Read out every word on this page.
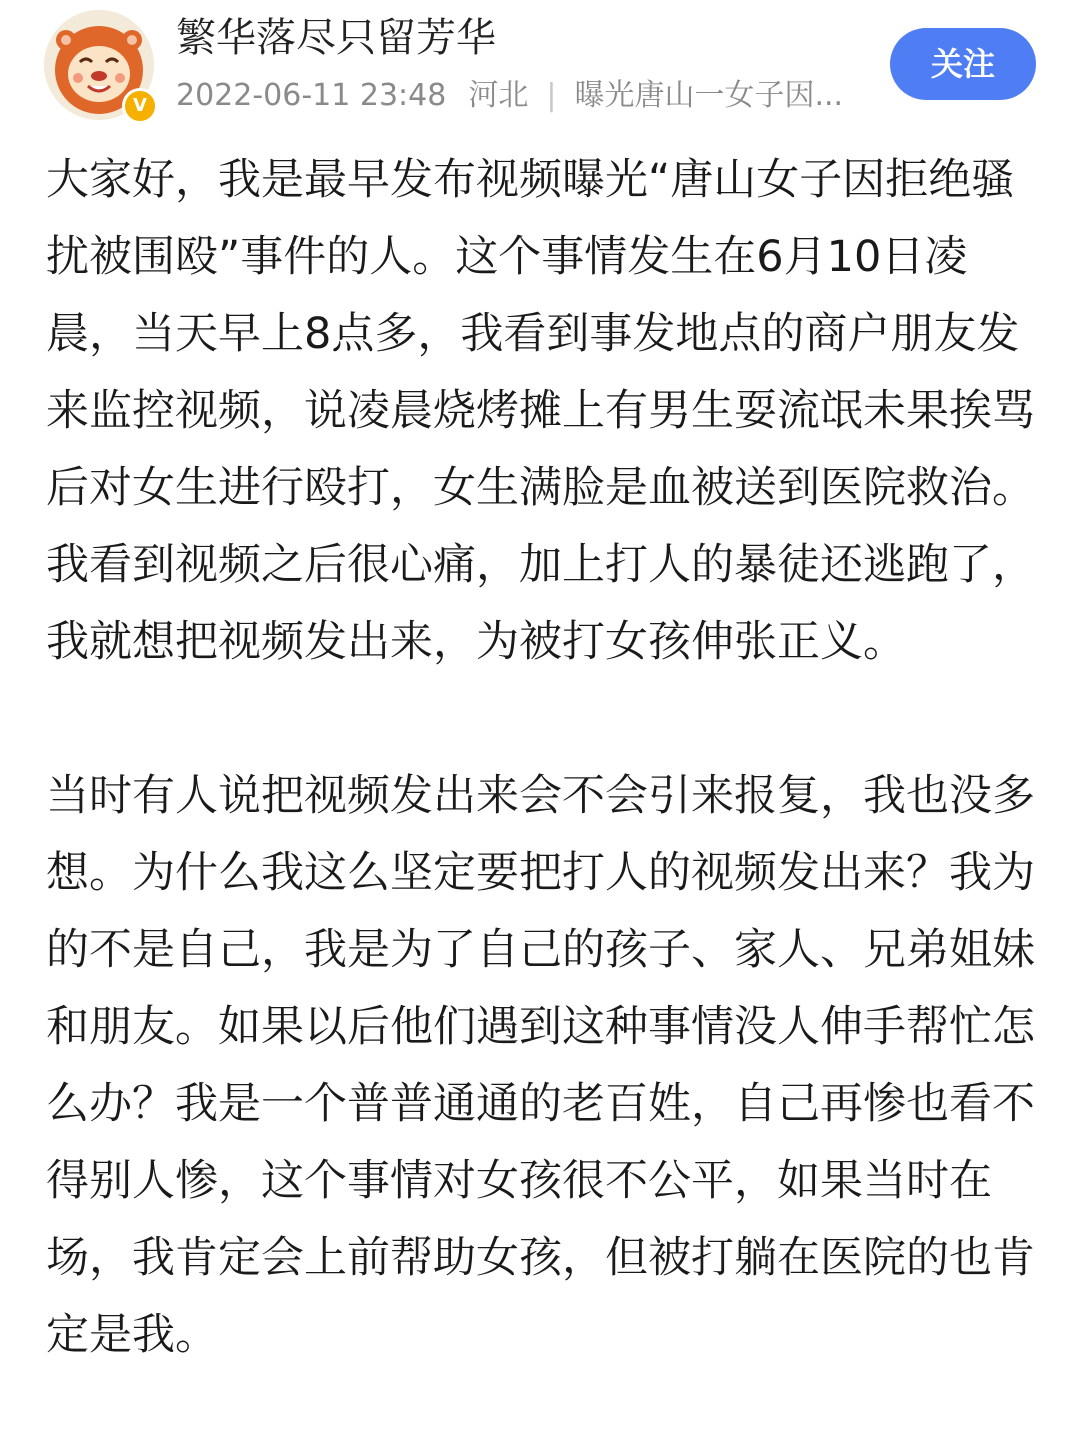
V
繁华落尽只留芳华
2022-06-11 23:48 河北 | 曝光唐山一女子因...
关注

大家好，我是最早发布视频曝光“唐山女子因拒绝骚扰被围殴”事件的人。这个事情发生在6月10日凌晨，当天早上8点多，我看到事发地点的商户朋友发来监控视频，说凌晨烧烤摊上有男生耍流氓未果挨骂后对女生进行殴打，女生满脸是血被送到医院救治。我看到视频之后很心痛，加上打人的暴徒还逃跑了，我就想把视频发出来，为被打女孩伸张正义。

当时有人说把视频发出来会不会引来报复，我也没多想。为什么我这么坚定要把打人的视频发出来？我为的不是自己，我是为了自己的孩子、家人、兄弟姐妹和朋友。如果以后他们遇到这种事情没人伸手帮忙怎么办？我是一个普普通通的老百姓，自己再惨也看不得别人惨，这个事情对女孩很不公平，如果当时在场，我肯定会上前帮助女孩，但被打躺在医院的也肯定是我。
